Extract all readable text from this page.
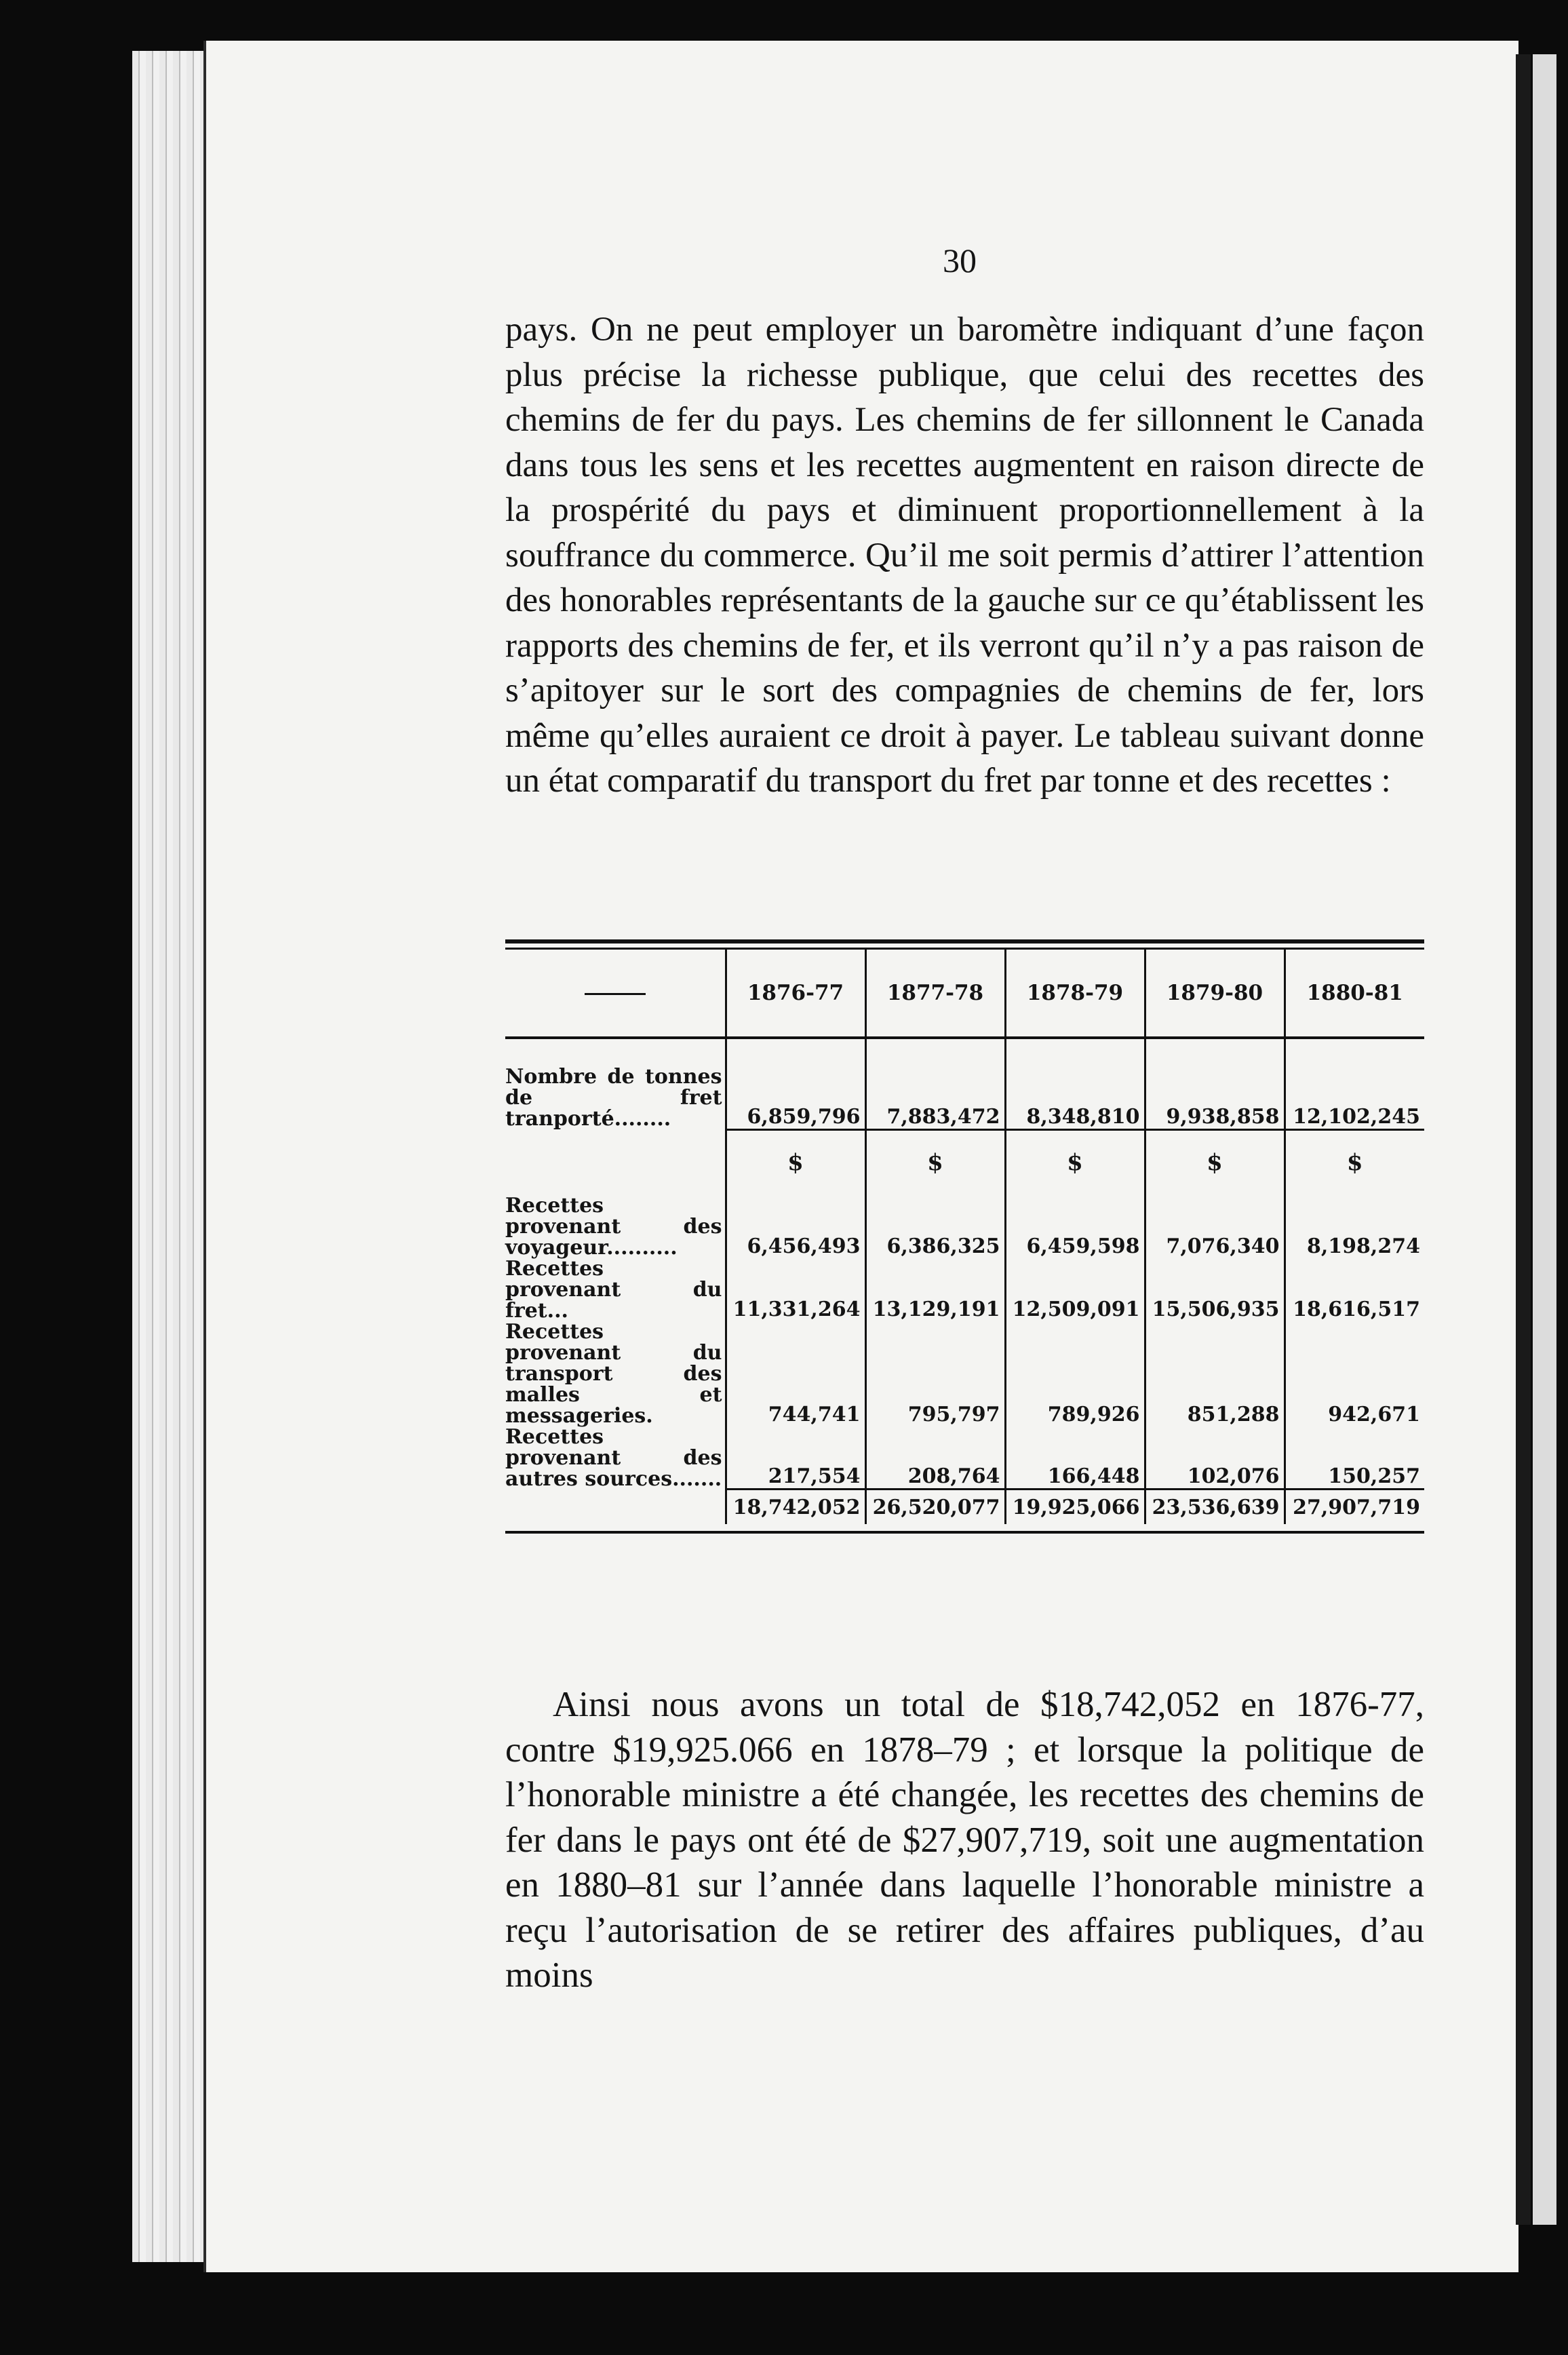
30

pays. On ne peut employer un baromètre indiquant d’une façon plus précise la richesse publique, que celui des recettes des chemins de fer du pays. Les chemins de fer sillonnent le Canada dans tous les sens et les recettes augmentent en raison directe de la prospérité du pays et diminuent proportionnellement à la souffrance du commerce. Qu’il me soit permis d’attirer l’attention des honorables représentants de la gauche sur ce qu’établissent les rapports des chemins de fer, et ils verront qu’il n’y a pas raison de s’apitoyer sur le sort des compagnies de chemins de fer, lors même qu’elles auraient ce droit à payer. Le tableau suivant donne un état comparatif du transport du fret par tonne et des recettes :

	1876-77	1877-78	1878-79	1879-80	1880-81
Nombre de tonnes de fret tranporté........	6,859,796	7,883,472	8,348,810	9,938,858	12,102,245
	$	$	$	$	$
Recettes provenant des voyageur..........	6,456,493	6,386,325	6,459,598	7,076,340	8,198,274
Recettes provenant du fret...	11,331,264	13,129,191	12,509,091	15,506,935	18,616,517
Recettes provenant du transport des malles et messageries.	744,741	795,797	789,926	851,288	942,671
Recettes provenant des autres sources.......	217,554	208,764	166,448	102,076	150,257
	18,742,052	26,520,077	19,925,066	23,536,639	27,907,719

Ainsi nous avons un total de $18,742,052 en 1876-77, contre $19,925.066 en 1878–79 ; et lorsque la politique de l’honorable ministre a été changée, les recettes des chemins de fer dans le pays ont été de $27,907,719, soit une augmentation en 1880–81 sur l’année dans laquelle l’honorable ministre a reçu l’autorisation de se retirer des affaires publiques, d’au moins
